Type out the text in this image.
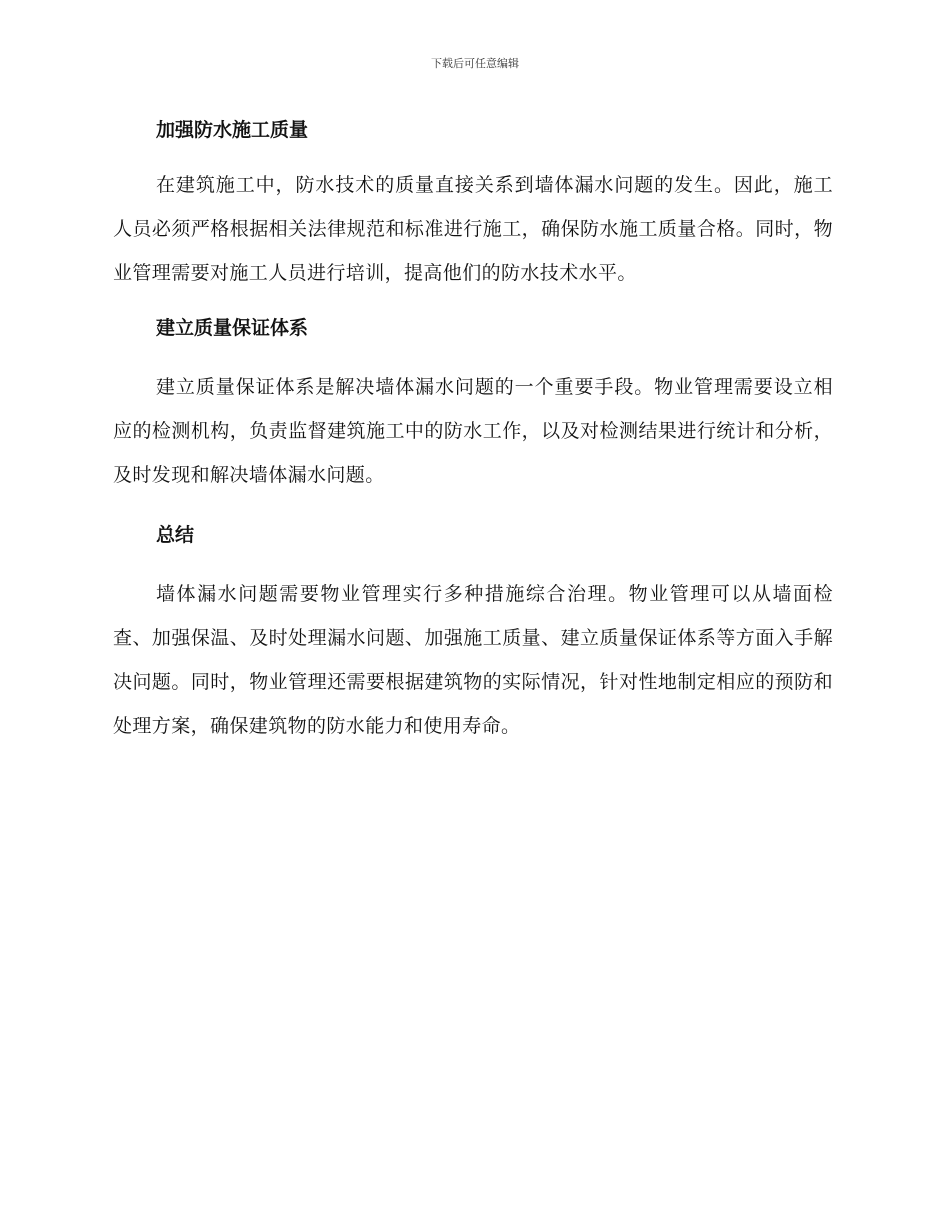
下载后可任意编辑
加强防水施工质量

在建筑施工中，防水技术的质量直接关系到墙体漏水问题的发生。因此，施工人员必须严格根据相关法律规范和标准进行施工，确保防水施工质量合格。同时，物业管理需要对施工人员进行培训，提高他们的防水技术水平。

建立质量保证体系

建立质量保证体系是解决墙体漏水问题的一个重要手段。物业管理需要设立相应的检测机构，负责监督建筑施工中的防水工作，以及对检测结果进行统计和分析，及时发现和解决墙体漏水问题。

总结

墙体漏水问题需要物业管理实行多种措施综合治理。物业管理可以从墙面检查、加强保温、及时处理漏水问题、加强施工质量、建立质量保证体系等方面入手解决问题。同时，物业管理还需要根据建筑物的实际情况，针对性地制定相应的预防和处理方案，确保建筑物的防水能力和使用寿命。
